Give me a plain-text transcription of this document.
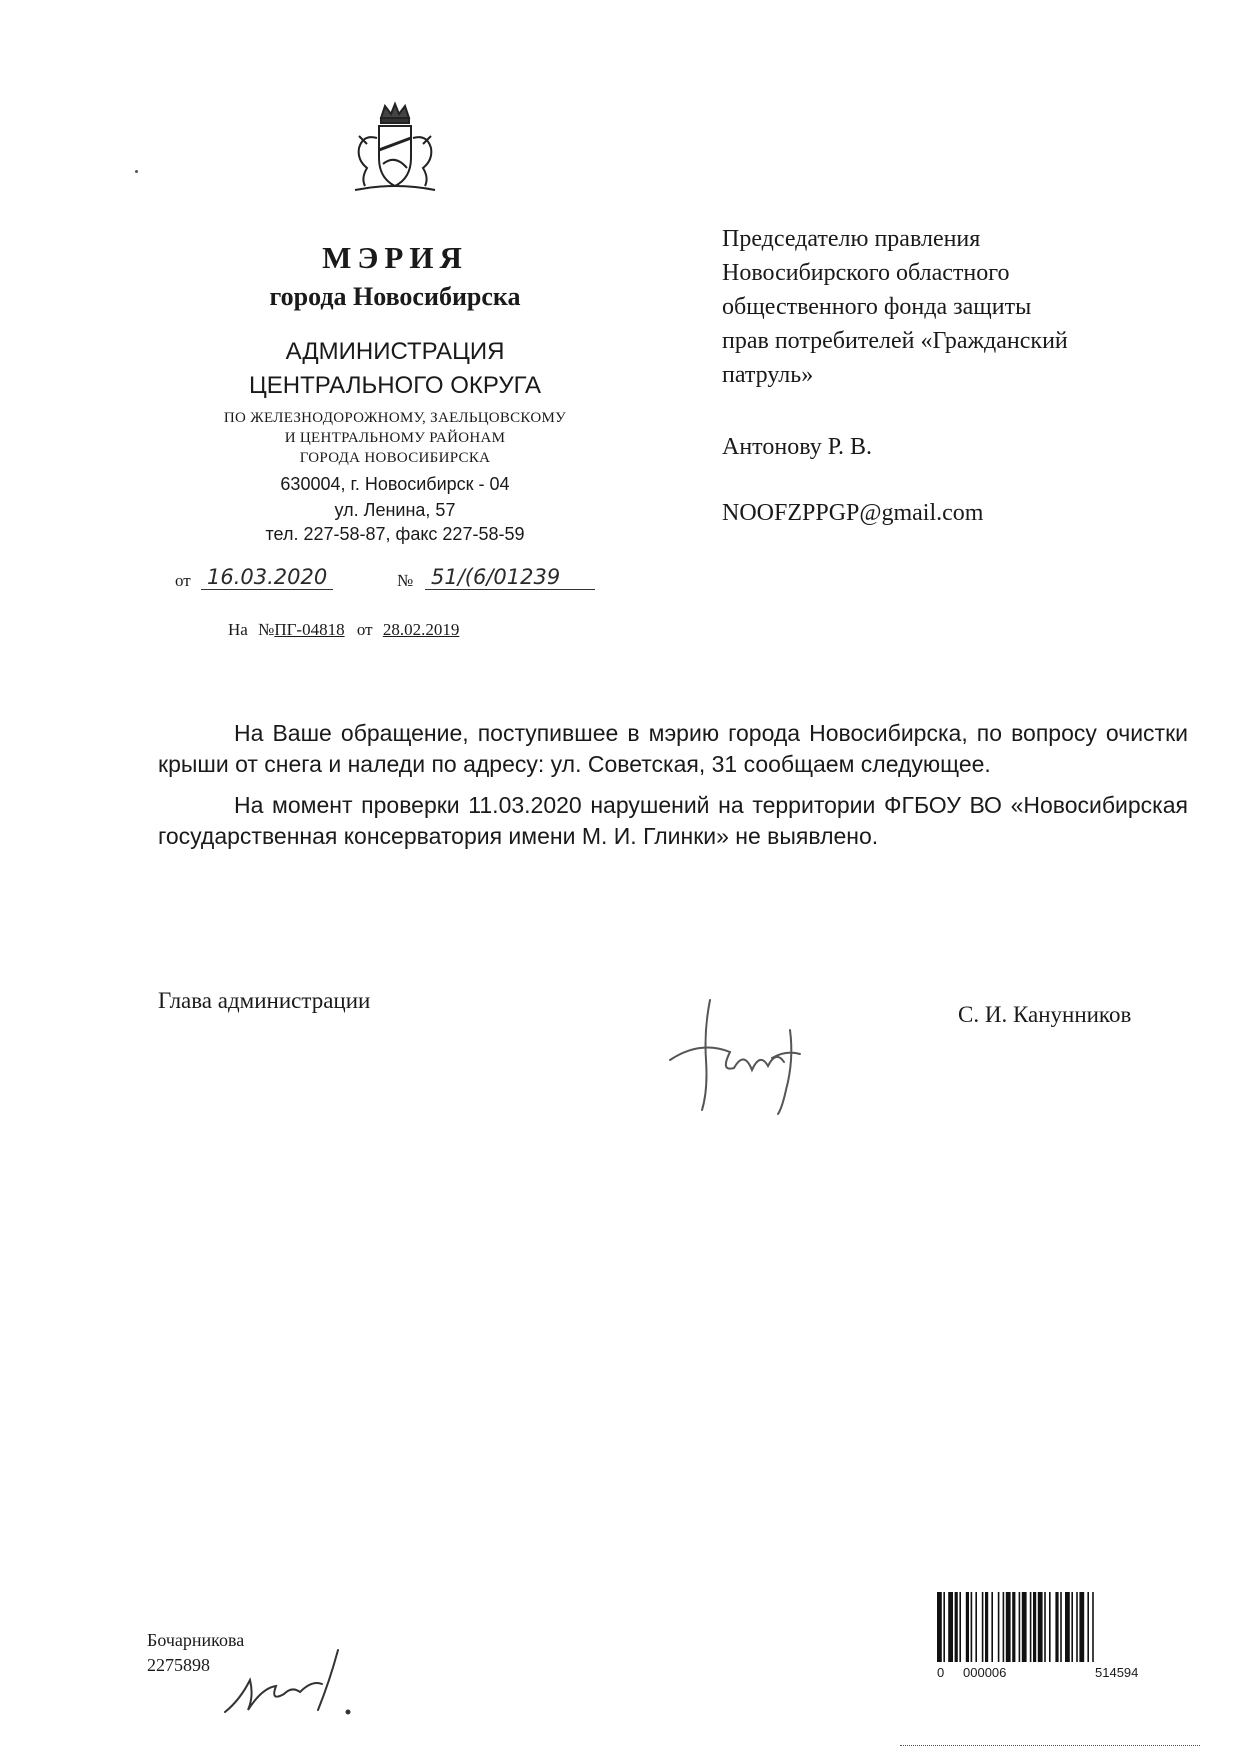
МЭРИЯ
города Новосибирска
АДМИНИСТРАЦИЯ
ЦЕНТРАЛЬНОГО ОКРУГА
ПО ЖЕЛЕЗНОДОРОЖНОМУ, ЗАЕЛЬЦОВСКОМУ
И ЦЕНТРАЛЬНОМУ РАЙОНАМ
ГОРОДА НОВОСИБИРСКА
630004, г. Новосибирск - 04
ул. Ленина, 57
тел. 227-58-87, факс 227-58-59
от 16.03.2020	№ 51/(6/01239
На №ПГ-04818 от 28.02.2019
Председателю правления
Новосибирского областного
общественного фонда защиты
прав потребителей «Гражданский
патруль»
Антонову Р. В.
NOOFZPPGP@gmail.com

На Ваше обращение, поступившее в мэрию города Новосибирска, по вопросу очистки крыши от снега и наледи по адресу: ул. Советская, 31 сообщаем следующее.

На момент проверки 11.03.2020 нарушений на территории ФГБОУ ВО «Новосибирская государственная консерватория имени М. И. Глинки» не выявлено.

Глава администрации
С. И. Канунников
Бочарникова
2275898	0 000006	514594
